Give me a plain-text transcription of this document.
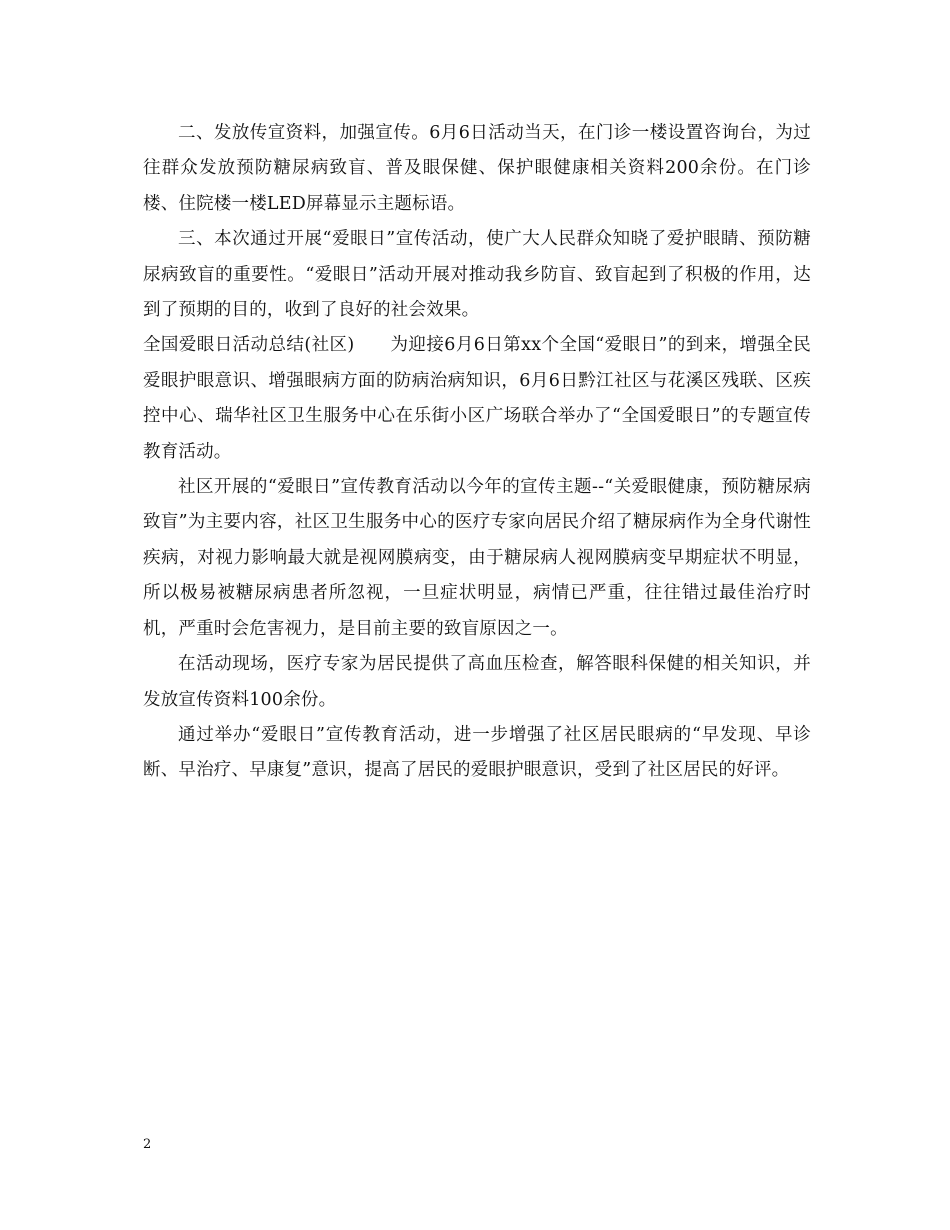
二、发放传宣资料，加强宣传。6月6日活动当天，在门诊一楼设置咨询台，为过往群众发放预防糖尿病致盲、普及眼保健、保护眼健康相关资料200余份。在门诊楼、住院楼一楼LED屏幕显示主题标语。

三、本次通过开展“爱眼日”宣传活动，使广大人民群众知晓了爱护眼睛、预防糖尿病致盲的重要性。“爱眼日”活动开展对推动我乡防盲、致盲起到了积极的作用，达到了预期的目的，收到了良好的社会效果。

全国爱眼日活动总结(社区)　　为迎接6月6日第xx个全国“爱眼日”的到来，增强全民爱眼护眼意识、增强眼病方面的防病治病知识，6月6日黔江社区与花溪区残联、区疾控中心、瑞华社区卫生服务中心在乐街小区广场联合举办了“全国爱眼日”的专题宣传教育活动。

社区开展的“爱眼日”宣传教育活动以今年的宣传主题--“关爱眼健康，预防糖尿病致盲”为主要内容，社区卫生服务中心的医疗专家向居民介绍了糖尿病作为全身代谢性疾病，对视力影响最大就是视网膜病变，由于糖尿病人视网膜病变早期症状不明显，所以极易被糖尿病患者所忽视，一旦症状明显，病情已严重，往往错过最佳治疗时机，严重时会危害视力，是目前主要的致盲原因之一。

在活动现场，医疗专家为居民提供了高血压检查，解答眼科保健的相关知识，并发放宣传资料100余份。

通过举办“爱眼日”宣传教育活动，进一步增强了社区居民眼病的“早发现、早诊断、早治疗、早康复”意识，提高了居民的爱眼护眼意识，受到了社区居民的好评。

2
